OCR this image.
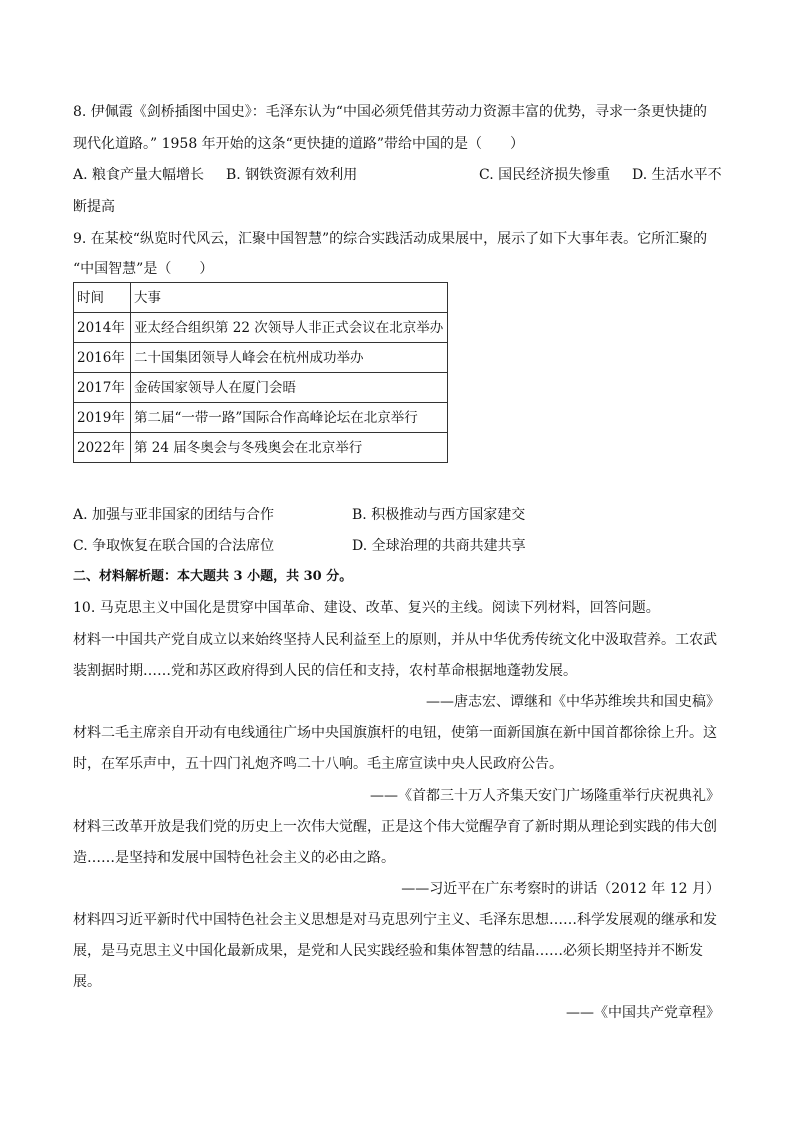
8. 伊佩霞《剑桥插图中国史》：毛泽东认为“中国必须凭借其劳动力资源丰富的优势，寻求一条更快捷的
现代化道路。” 1958 年开始的这条“更快捷的道路”带给中国的是（　　）
A. 粮食产量大幅增长 B. 钢铁资源有效利用	C. 国民经济损失惨重 D. 生活水平不
断提高
9. 在某校“纵览时代风云，汇聚中国智慧”的综合实践活动成果展中，展示了如下大事年表。它所汇聚的
“中国智慧”是（　　）
时间	大事
2014年	亚太经合组织第 22 次领导人非正式会议在北京举办
2016年	二十国集团领导人峰会在杭州成功举办
2017年	金砖国家领导人在厦门会晤
2019年	第二届“一带一路”国际合作高峰论坛在北京举行
2022年	第 24 届冬奥会与冬残奥会在北京举行
A. 加强与亚非国家的团结与合作	B. 积极推动与西方国家建交
C. 争取恢复在联合国的合法席位	D. 全球治理的共商共建共享
二、材料解析题：本大题共 3 小题，共 30 分。
10. 马克思主义中国化是贯穿中国革命、建设、改革、复兴的主线。阅读下列材料，回答问题。
材料一中国共产党自成立以来始终坚持人民利益至上的原则，并从中华优秀传统文化中汲取营养。工农武
装割据时期……党和苏区政府得到人民的信任和支持，农村革命根据地蓬勃发展。
——唐志宏、谭继和《中华苏维埃共和国史稿》
材料二毛主席亲自开动有电线通往广场中央国旗旗杆的电钮，使第一面新国旗在新中国首都徐徐上升。这
时，在军乐声中，五十四门礼炮齐鸣二十八响。毛主席宣读中央人民政府公告。
——《首都三十万人齐集天安门广场隆重举行庆祝典礼》
材料三改革开放是我们党的历史上一次伟大觉醒，正是这个伟大觉醒孕育了新时期从理论到实践的伟大创
造……是坚持和发展中国特色社会主义的必由之路。
——习近平在广东考察时的讲话（2012 年 12 月）
材料四习近平新时代中国特色社会主义思想是对马克思列宁主义、毛泽东思想……科学发展观的继承和发
展，是马克思主义中国化最新成果，是党和人民实践经验和集体智慧的结晶……必须长期坚持并不断发
展。
——《中国共产党章程》
